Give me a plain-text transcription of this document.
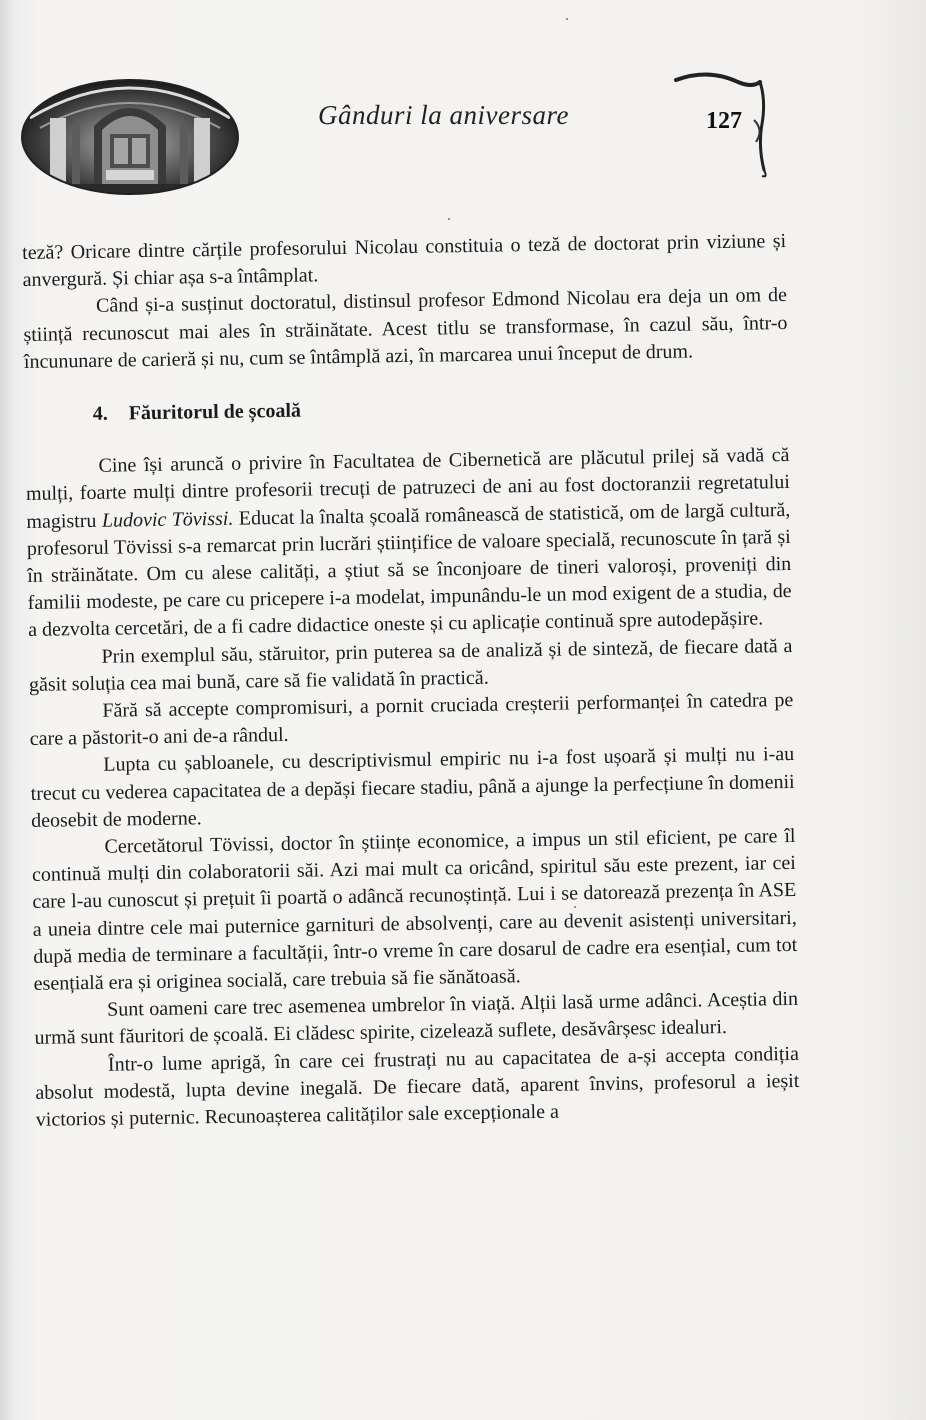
Gânduri la aniversare	127

teză? Oricare dintre cărțile profesorului Nicolau constituia o teză de doctorat prin viziune și anvergură. Și chiar așa s-a întâmplat.

Când și-a susținut doctoratul, distinsul profesor Edmond Nicolau era deja un om de știință recunoscut mai ales în străinătate. Acest titlu se transformase, în cazul său, într-o încununare de carieră și nu, cum se întâmplă azi, în marcarea unui început de drum.

4. Făuritorul de școală

Cine își aruncă o privire în Facultatea de Cibernetică are plăcutul prilej să vadă că mulți, foarte mulți dintre profesorii trecuți de patruzeci de ani au fost doctoranzii regretatului magistru Ludovic Tövissi. Educat la înalta școală românească de statistică, om de largă cultură, profesorul Tövissi s-a remarcat prin lucrări științifice de valoare specială, recunoscute în țară și în străinătate. Om cu alese calități, a știut să se înconjoare de tineri valoroși, proveniți din familii modeste, pe care cu pricepere i-a modelat, impunându-le un mod exigent de a studia, de a dezvolta cercetări, de a fi cadre didactice oneste și cu aplicație continuă spre autodepășire.

Prin exemplul său, stăruitor, prin puterea sa de analiză și de sinteză, de fiecare dată a găsit soluția cea mai bună, care să fie validată în practică.

Fără să accepte compromisuri, a pornit cruciada creșterii performanței în catedra pe care a păstorit-o ani de-a rândul.

Lupta cu șabloanele, cu descriptivismul empiric nu i-a fost ușoară și mulți nu i-au trecut cu vederea capacitatea de a depăși fiecare stadiu, până a ajunge la perfecțiune în domenii deosebit de moderne.

Cercetătorul Tövissi, doctor în științe economice, a impus un stil eficient, pe care îl continuă mulți din colaboratorii săi. Azi mai mult ca oricând, spiritul său este prezent, iar cei care l-au cunoscut și prețuit îi poartă o adâncă recunoștință. Lui i se datorează prezența în ASE a uneia dintre cele mai puternice garnituri de absolvenți, care au devenit asistenți universitari, după media de terminare a facultății, într-o vreme în care dosarul de cadre era esențial, cum tot esențială era și originea socială, care trebuia să fie sănătoasă.

Sunt oameni care trec asemenea umbrelor în viață. Alții lasă urme adânci. Aceștia din urmă sunt făuritori de școală. Ei clădesc spirite, cizelează suflete, desăvârșesc idealuri.

Într-o lume aprigă, în care cei frustrați nu au capacitatea de a-și accepta condiția absolut modestă, lupta devine inegală. De fiecare dată, aparent învins, profesorul a ieșit victorios și puternic. Recunoașterea calităților sale excepționale a
